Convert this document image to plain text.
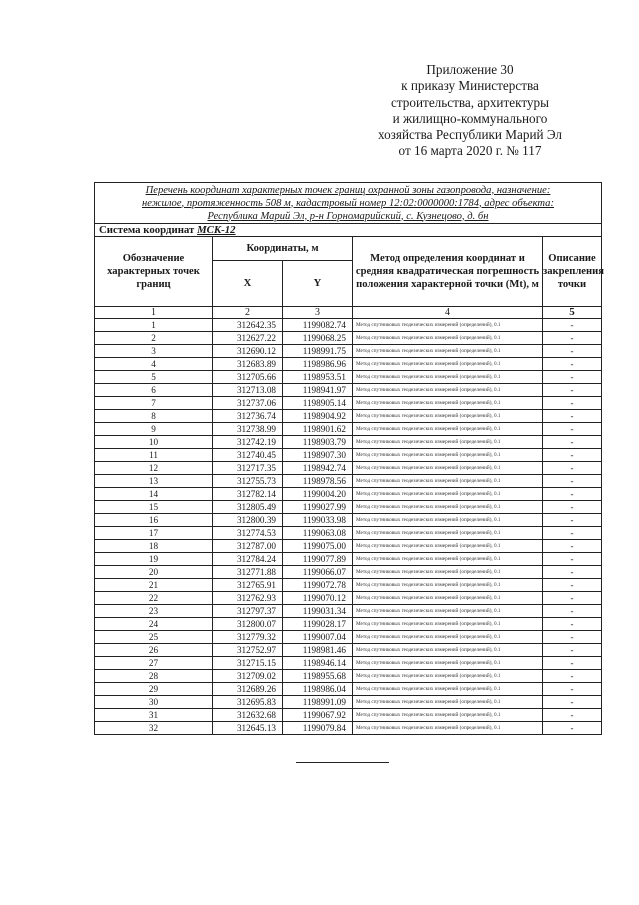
Приложение 30
к приказу Министерства
строительства, архитектуры
и жилищно-коммунального
хозяйства Республики Марий Эл
от 16 марта 2020 г. № 117
Перечень координат характерных точек границ охранной зоны газопровода, назначение:
нежилое, протяженность 508 м, кадастровый номер 12:02:0000000:1784, адрес объекта:
Республика Марий Эл, р-н Горномарийский, с. Кузнецово, д. бн				
Система координат МСК-12				
Обозначение характерных точек границ	Координаты, м		Метод определения координат и средняя квадратическая погрешность положения характерной точки (Mt), м	Описание закрепления точки
	X	Y		
1	2	3	4	5
1	312642.35	1199082.74	Метод спутниковых геодезических измерений (определений), 0.1	-
2	312627.22	1199068.25	Метод спутниковых геодезических измерений (определений), 0.1	-
3	312690.12	1198991.75	Метод спутниковых геодезических измерений (определений), 0.1	-
4	312683.89	1198986.96	Метод спутниковых геодезических измерений (определений), 0.1	-
5	312705.66	1198953.51	Метод спутниковых геодезических измерений (определений), 0.1	-
6	312713.08	1198941.97	Метод спутниковых геодезических измерений (определений), 0.1	-
7	312737.06	1198905.14	Метод спутниковых геодезических измерений (определений), 0.1	-
8	312736.74	1198904.92	Метод спутниковых геодезических измерений (определений), 0.1	-
9	312738.99	1198901.62	Метод спутниковых геодезических измерений (определений), 0.1	-
10	312742.19	1198903.79	Метод спутниковых геодезических измерений (определений), 0.1	-
11	312740.45	1198907.30	Метод спутниковых геодезических измерений (определений), 0.1	-
12	312717.35	1198942.74	Метод спутниковых геодезических измерений (определений), 0.1	-
13	312755.73	1198978.56	Метод спутниковых геодезических измерений (определений), 0.1	-
14	312782.14	1199004.20	Метод спутниковых геодезических измерений (определений), 0.1	-
15	312805.49	1199027.99	Метод спутниковых геодезических измерений (определений), 0.1	-
16	312800.39	1199033.98	Метод спутниковых геодезических измерений (определений), 0.1	-
17	312774.53	1199063.08	Метод спутниковых геодезических измерений (определений), 0.1	-
18	312787.00	1199075.00	Метод спутниковых геодезических измерений (определений), 0.1	-
19	312784.24	1199077.89	Метод спутниковых геодезических измерений (определений), 0.1	-
20	312771.88	1199066.07	Метод спутниковых геодезических измерений (определений), 0.1	-
21	312765.91	1199072.78	Метод спутниковых геодезических измерений (определений), 0.1	-
22	312762.93	1199070.12	Метод спутниковых геодезических измерений (определений), 0.1	-
23	312797.37	1199031.34	Метод спутниковых геодезических измерений (определений), 0.1	-
24	312800.07	1199028.17	Метод спутниковых геодезических измерений (определений), 0.1	-
25	312779.32	1199007.04	Метод спутниковых геодезических измерений (определений), 0.1	-
26	312752.97	1198981.46	Метод спутниковых геодезических измерений (определений), 0.1	-
27	312715.15	1198946.14	Метод спутниковых геодезических измерений (определений), 0.1	-
28	312709.02	1198955.68	Метод спутниковых геодезических измерений (определений), 0.1	-
29	312689.26	1198986.04	Метод спутниковых геодезических измерений (определений), 0.1	-
30	312695.83	1198991.09	Метод спутниковых геодезических измерений (определений), 0.1	-
31	312632.68	1199067.92	Метод спутниковых геодезических измерений (определений), 0.1	-
32	312645.13	1199079.84	Метод спутниковых геодезических измерений (определений), 0.1	-
